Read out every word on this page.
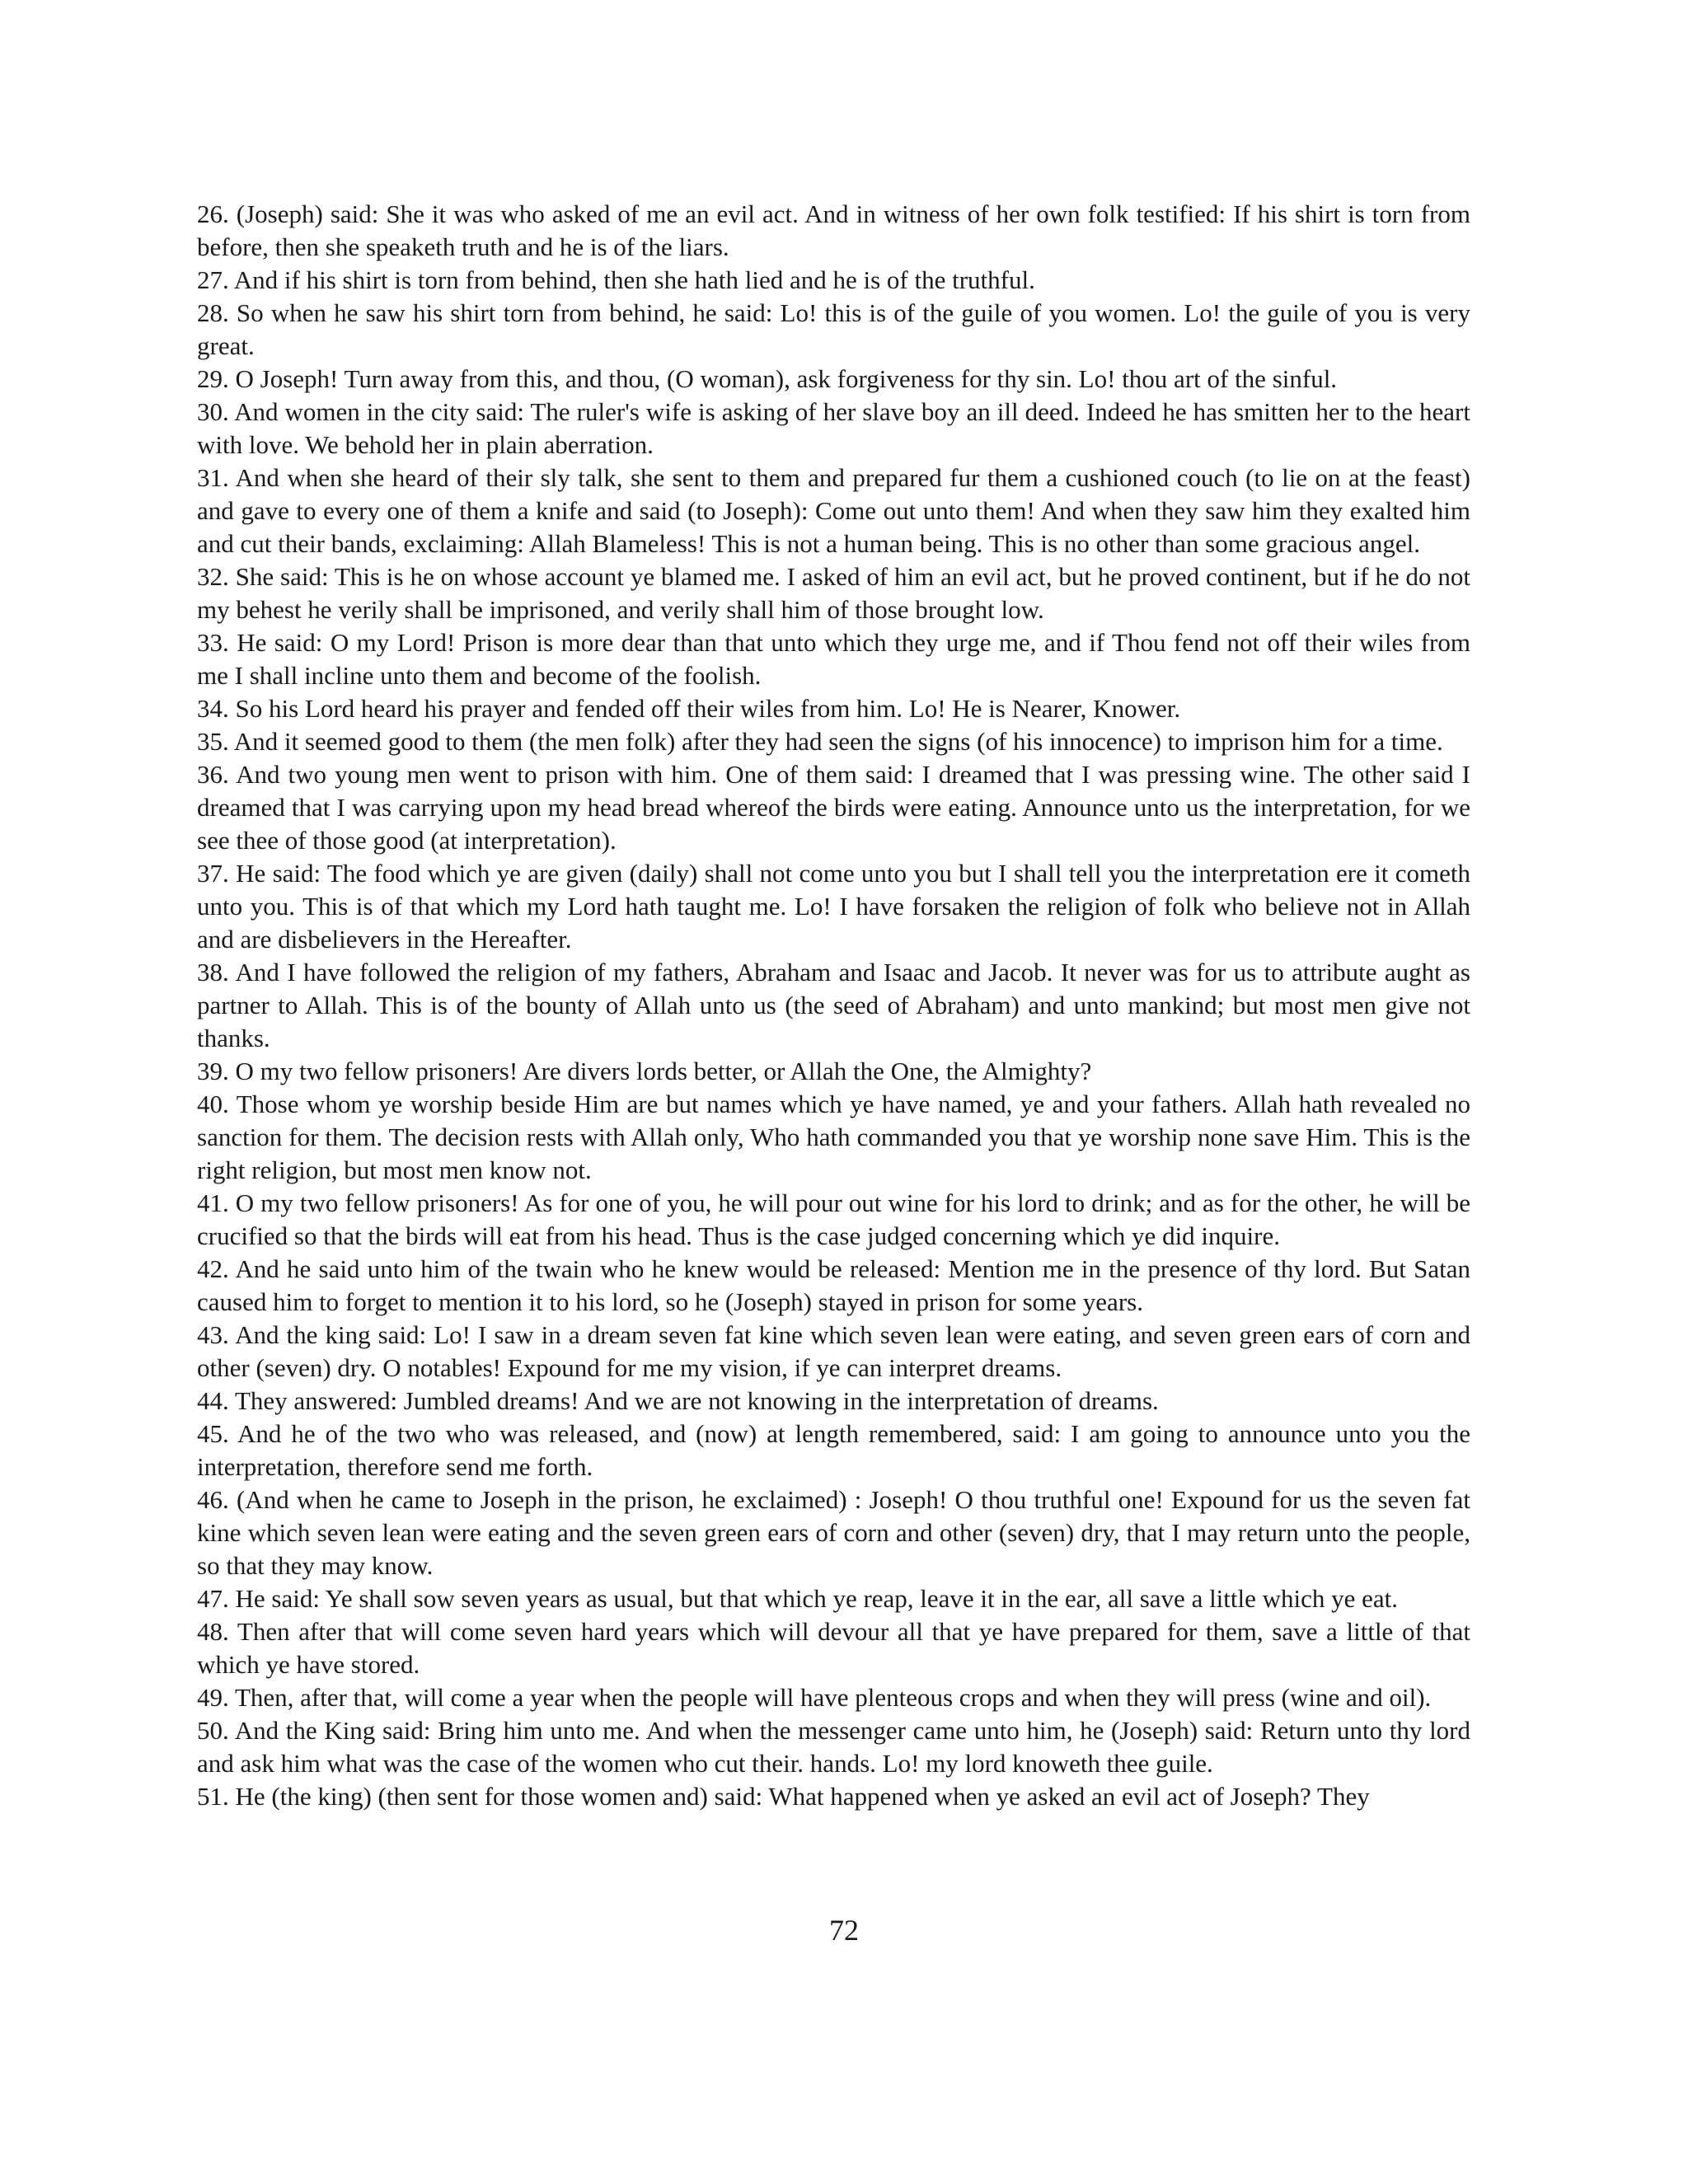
26. (Joseph) said: She it was who asked of me an evil act. And in witness of her own folk testified: If his shirt is torn from before, then she speaketh truth and he is of the liars.

27. And if his shirt is torn from behind, then she hath lied and he is of the truthful.

28. So when he saw his shirt torn from behind, he said: Lo! this is of the guile of you women. Lo! the guile of you is very great.

29. O Joseph! Turn away from this, and thou, (O woman), ask forgiveness for thy sin. Lo! thou art of the sinful.

30. And women in the city said: The ruler's wife is asking of her slave boy an ill deed. Indeed he has smitten her to the heart with love. We behold her in plain aberration.

31. And when she heard of their sly talk, she sent to them and prepared fur them a cushioned couch (to lie on at the feast) and gave to every one of them a knife and said (to Joseph): Come out unto them! And when they saw him they exalted him and cut their bands, exclaiming: Allah Blameless! This is not a human being. This is no other than some gracious angel.

32. She said: This is he on whose account ye blamed me. I asked of him an evil act, but he proved continent, but if he do not my behest he verily shall be imprisoned, and verily shall him of those brought low.

33. He said: O my Lord! Prison is more dear than that unto which they urge me, and if Thou fend not off their wiles from me I shall incline unto them and become of the foolish.

34. So his Lord heard his prayer and fended off their wiles from him. Lo! He is Nearer, Knower.

35. And it seemed good to them (the men folk) after they had seen the signs (of his innocence) to imprison him for a time.

36. And two young men went to prison with him. One of them said: I dreamed that I was pressing wine. The other said I dreamed that I was carrying upon my head bread whereof the birds were eating. Announce unto us the interpretation, for we see thee of those good (at interpretation).

37. He said: The food which ye are given (daily) shall not come unto you but I shall tell you the interpretation ere it cometh unto you. This is of that which my Lord hath taught me. Lo! I have forsaken the religion of folk who believe not in Allah and are disbelievers in the Hereafter.

38. And I have followed the religion of my fathers, Abraham and Isaac and Jacob. It never was for us to attribute aught as partner to Allah. This is of the bounty of Allah unto us (the seed of Abraham) and unto mankind; but most men give not thanks.

39. O my two fellow prisoners! Are divers lords better, or Allah the One, the Almighty?

40. Those whom ye worship beside Him are but names which ye have named, ye and your fathers. Allah hath revealed no sanction for them. The decision rests with Allah only, Who hath commanded you that ye worship none save Him. This is the right religion, but most men know not.

41. O my two fellow prisoners! As for one of you, he will pour out wine for his lord to drink; and as for the other, he will be crucified so that the birds will eat from his head. Thus is the case judged concerning which ye did inquire.

42. And he said unto him of the twain who he knew would be released: Mention me in the presence of thy lord. But Satan caused him to forget to mention it to his lord, so he (Joseph) stayed in prison for some years.

43. And the king said: Lo! I saw in a dream seven fat kine which seven lean were eating, and seven green ears of corn and other (seven) dry. O notables! Expound for me my vision, if ye can interpret dreams.

44. They answered: Jumbled dreams! And we are not knowing in the interpretation of dreams.

45. And he of the two who was released, and (now) at length remembered, said: I am going to announce unto you the interpretation, therefore send me forth.

46. (And when he came to Joseph in the prison, he exclaimed) : Joseph! O thou truthful one! Expound for us the seven fat kine which seven lean were eating and the seven green ears of corn and other (seven) dry, that I may return unto the people, so that they may know.

47. He said: Ye shall sow seven years as usual, but that which ye reap, leave it in the ear, all save a little which ye eat.

48. Then after that will come seven hard years which will devour all that ye have prepared for them, save a little of that which ye have stored.

49. Then, after that, will come a year when the people will have plenteous crops and when they will press (wine and oil).

50. And the King said: Bring him unto me. And when the messenger came unto him, he (Joseph) said: Return unto thy lord and ask him what was the case of the women who cut their. hands. Lo! my lord knoweth thee guile.

51. He (the king) (then sent for those women and) said: What happened when ye asked an evil act of Joseph? They

72
